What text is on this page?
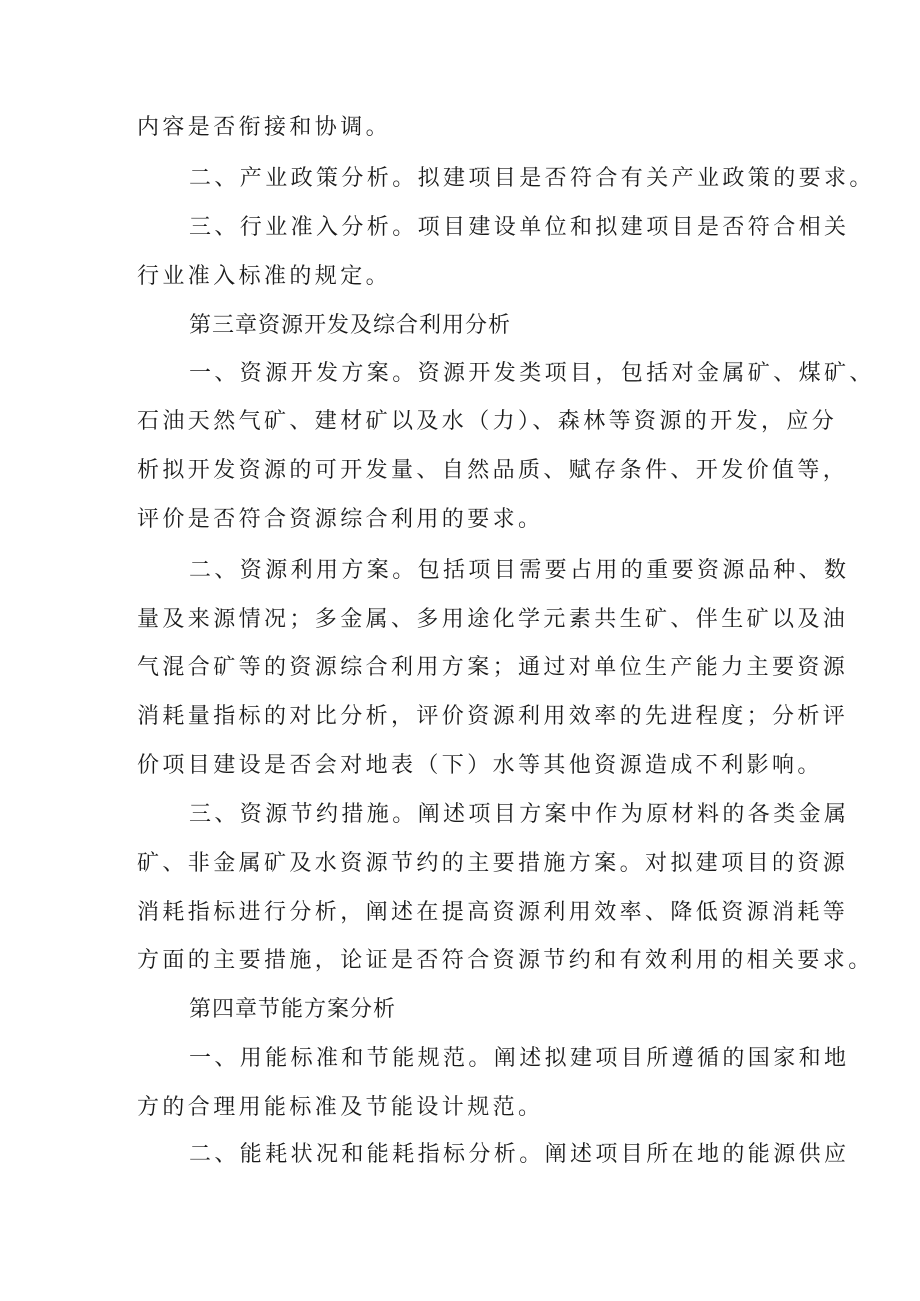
内容是否衔接和协调。
二、产业政策分析。拟建项目是否符合有关产业政策的要求。
三、行业准入分析。项目建设单位和拟建项目是否符合相关
行业准入标准的规定。
第三章资源开发及综合利用分析
一、资源开发方案。资源开发类项目，包括对金属矿、煤矿、
石油天然气矿、建材矿以及水（力）、森林等资源的开发，应分
析拟开发资源的可开发量、自然品质、赋存条件、开发价值等，
评价是否符合资源综合利用的要求。
二、资源利用方案。包括项目需要占用的重要资源品种、数
量及来源情况；多金属、多用途化学元素共生矿、伴生矿以及油
气混合矿等的资源综合利用方案；通过对单位生产能力主要资源
消耗量指标的对比分析，评价资源利用效率的先进程度；分析评
价项目建设是否会对地表（下）水等其他资源造成不利影响。
三、资源节约措施。阐述项目方案中作为原材料的各类金属
矿、非金属矿及水资源节约的主要措施方案。对拟建项目的资源
消耗指标进行分析，阐述在提高资源利用效率、降低资源消耗等
方面的主要措施，论证是否符合资源节约和有效利用的相关要求。
第四章节能方案分析
一、用能标准和节能规范。阐述拟建项目所遵循的国家和地
方的合理用能标准及节能设计规范。
二、能耗状况和能耗指标分析。阐述项目所在地的能源供应
